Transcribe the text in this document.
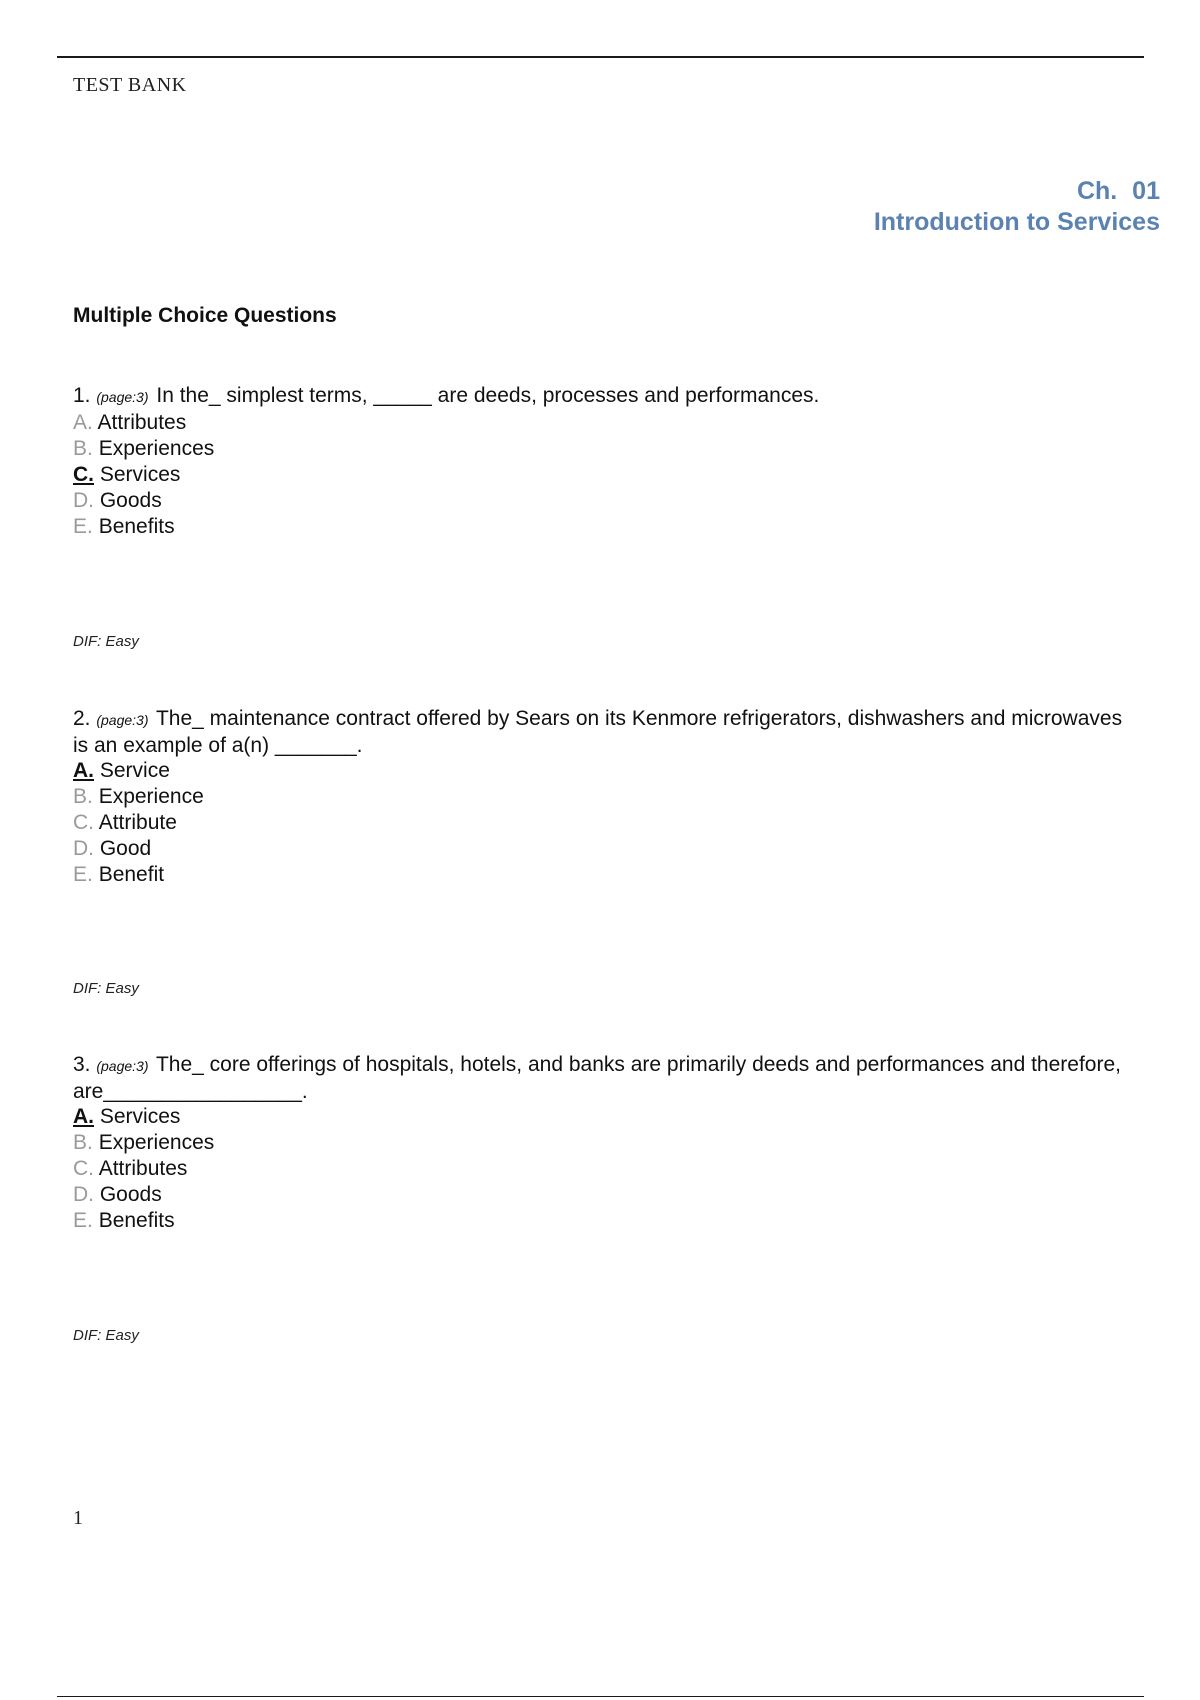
TEST BANK
Ch. 01
Introduction to Services
Multiple Choice Questions

1. (page:3) In the_ simplest terms, _____ are deeds, processes and performances.

A. Attributes
B. Experiences
C. Services
D. Goods
E. Benefits
DIF: Easy

2. (page:3) The_ maintenance contract offered by Sears on its Kenmore refrigerators, dishwashers and microwaves is an example of a(n) _______.

A. Service
B. Experience
C. Attribute
D. Good
E. Benefit
DIF: Easy

3. (page:3) The_ core offerings of hospitals, hotels, and banks are primarily deeds and performances and therefore, are_________________.

A. Services
B. Experiences
C. Attributes
D. Goods
E. Benefits
DIF: Easy
1
